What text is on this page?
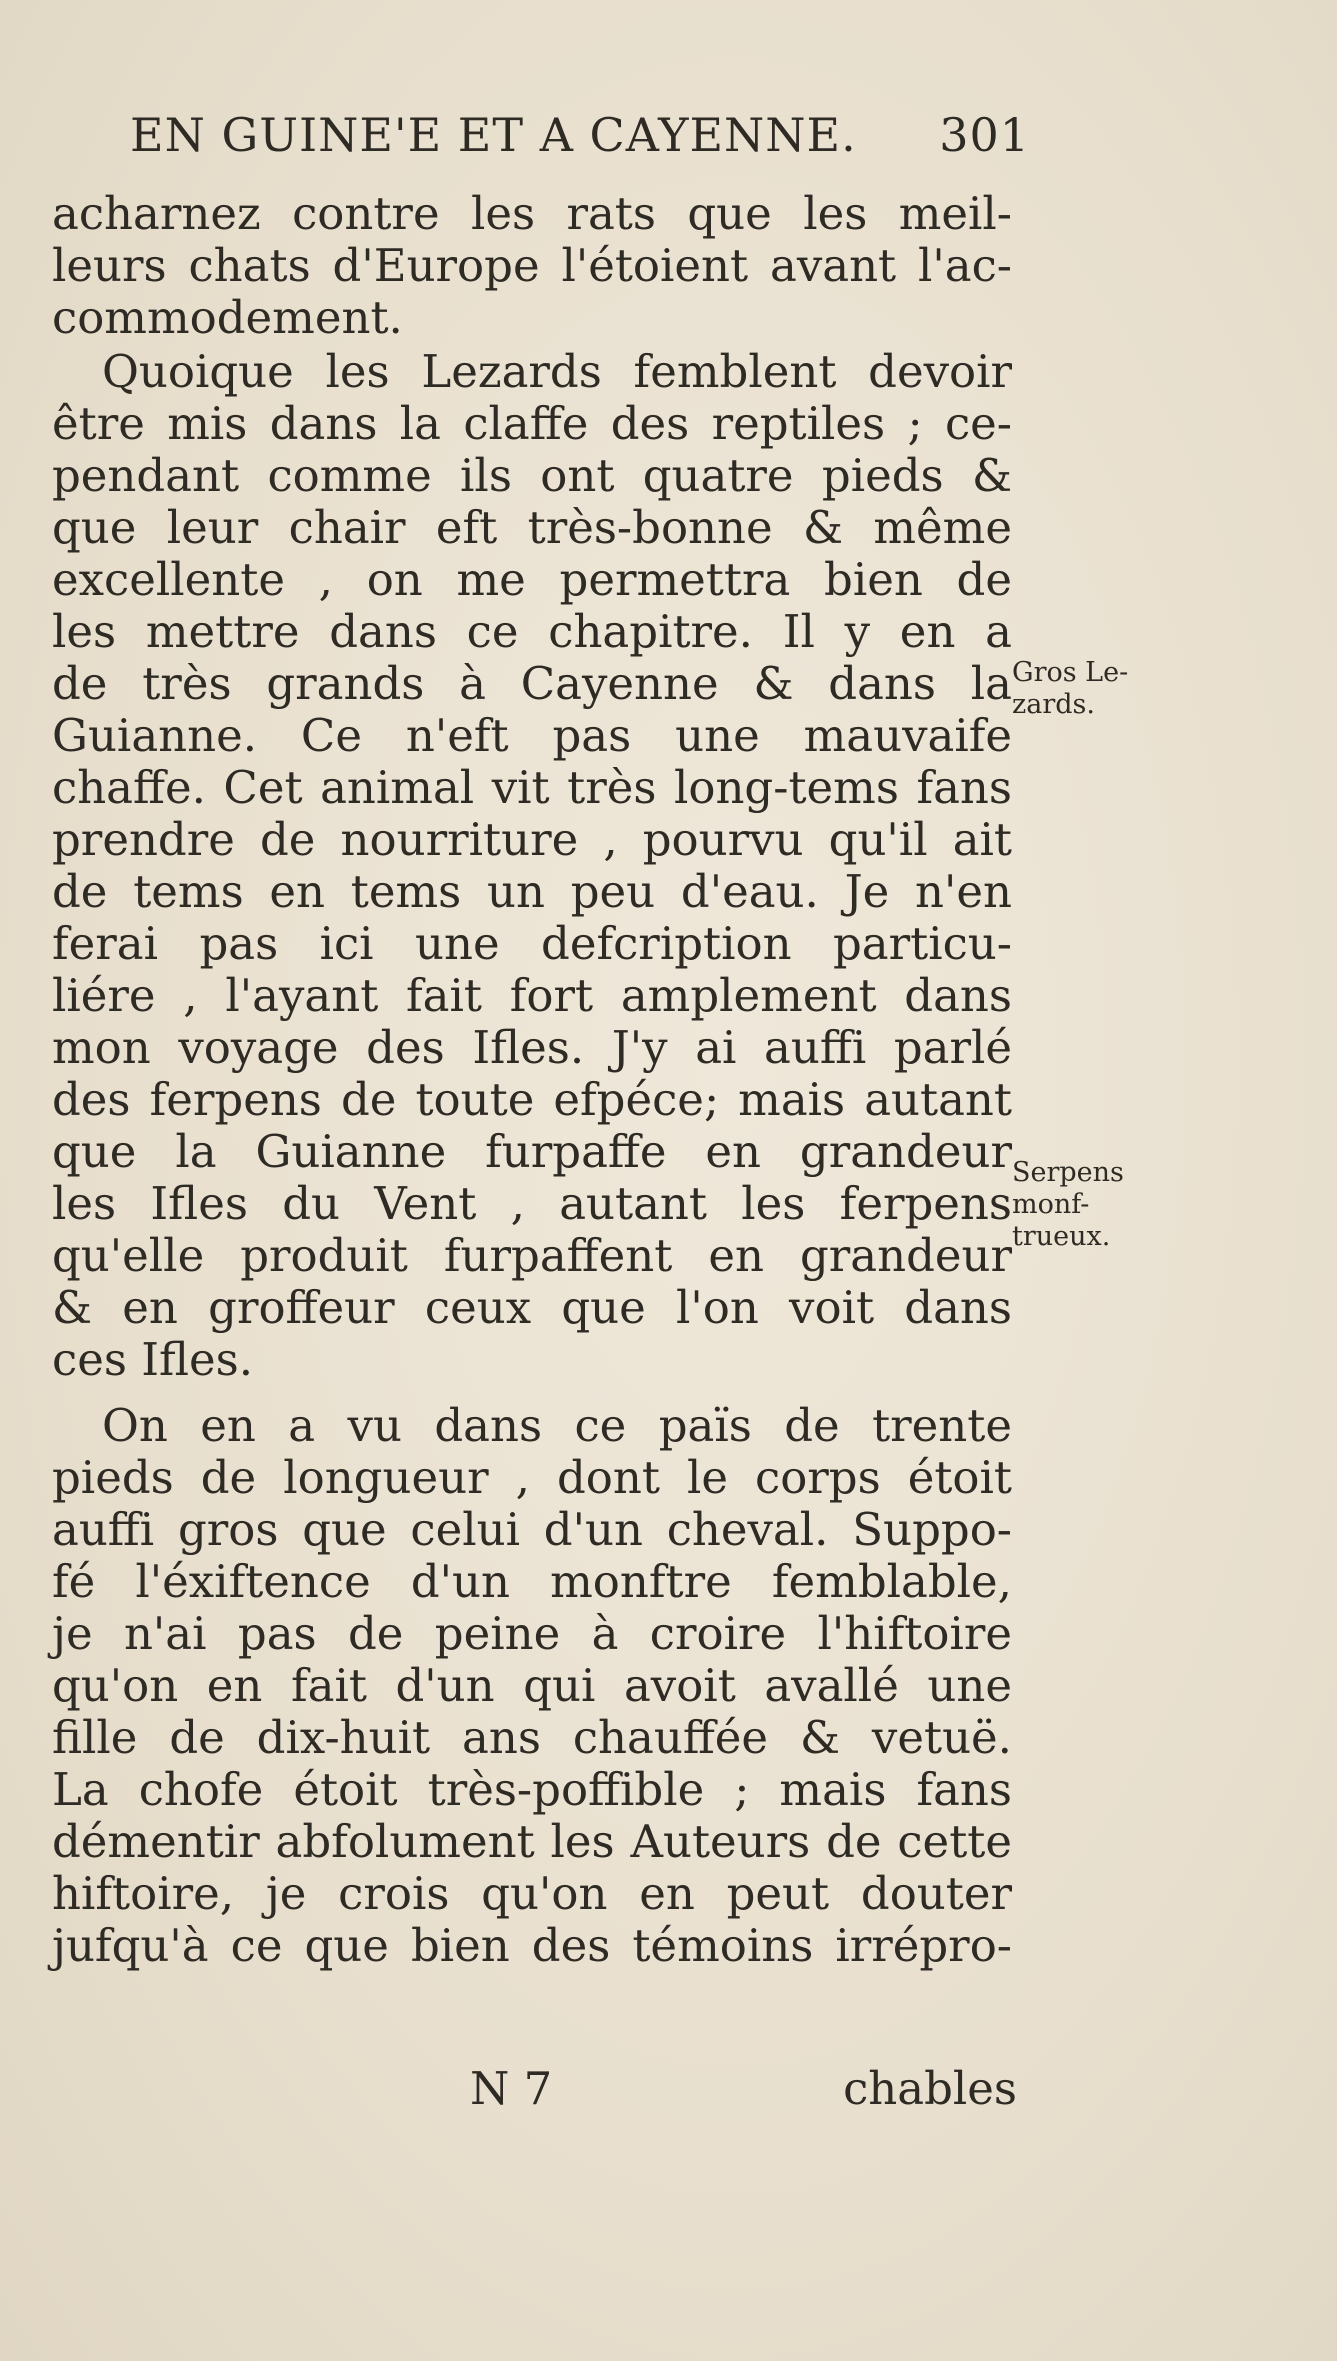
EN GUINE'E ET A CAYENNE. 301
acharnez contre les rats que les meil-
leurs chats d'Europe l'étoient avant l'ac-
commodement.
Quoique les Lezards femblent devoir
être mis dans la claffe des reptiles ; ce-
pendant comme ils ont quatre pieds &
que leur chair eft très-bonne & même
excellente , on me permettra bien de
les mettre dans ce chapitre. Il y en a
de très grands à Cayenne & dans la
Guianne. Ce n'eft pas une mauvaife
chaffe. Cet animal vit très long-tems fans
prendre de nourriture , pourvu qu'il ait
de tems en tems un peu d'eau. Je n'en
ferai pas ici une defcription particu-
liére , l'ayant fait fort amplement dans
mon voyage des Ifles. J'y ai auffi parlé
des ferpens de toute efpéce; mais autant
que la Guianne furpaffe en grandeur
les Ifles du Vent , autant les ferpens
qu'elle produit furpaffent en grandeur
& en groffeur ceux que l'on voit dans
ces Ifles.
On en a vu dans ce païs de trente
pieds de longueur , dont le corps étoit
auffi gros que celui d'un cheval. Suppo-
fé l'éxiftence d'un monftre femblable,
je n'ai pas de peine à croire l'hiftoire
qu'on en fait d'un qui avoit avallé une
fille de dix-huit ans chauffée & vetuë.
La chofe étoit très-poffible ; mais fans
démentir abfolument les Auteurs de cette
hiftoire, je crois qu'on en peut douter
jufqu'à ce que bien des témoins irrépro-
Gros Le-
zards.
Serpens
monf-
trueux.
N 7	chables
